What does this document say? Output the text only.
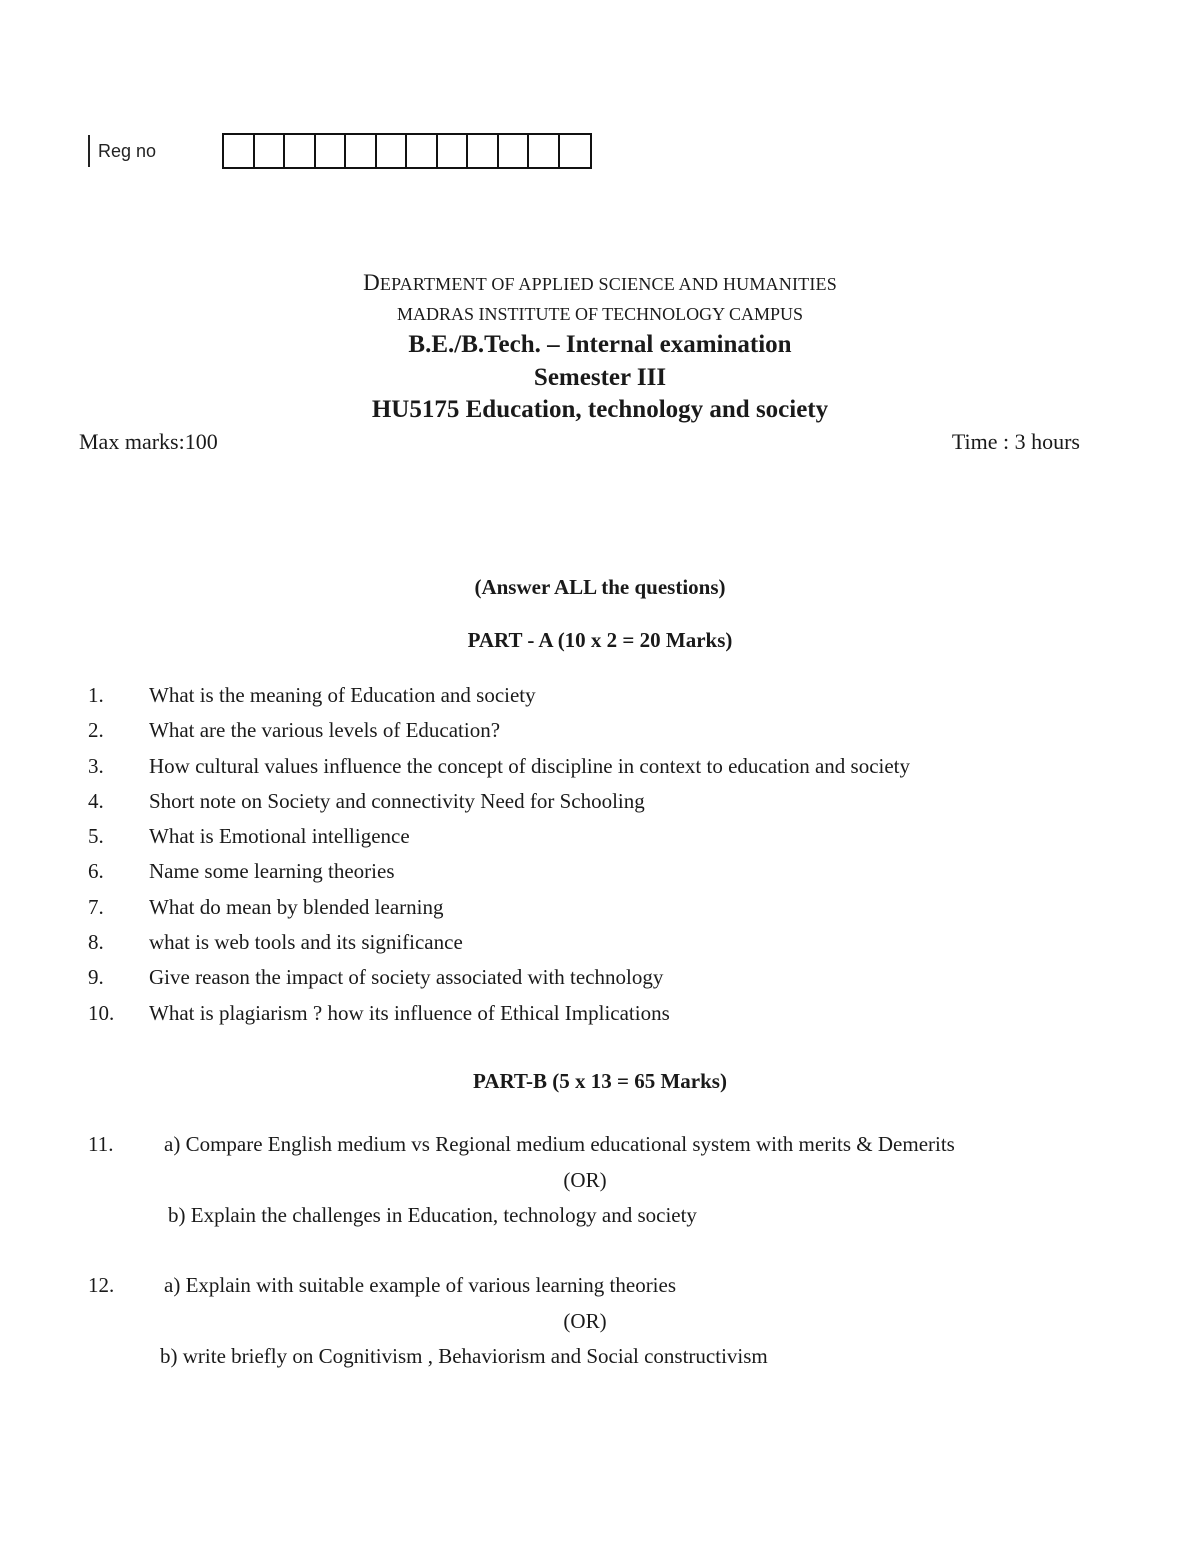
Reg no
DEPARTMENT OF APPLIED SCIENCE AND HUMANITIES
MADRAS INSTITUTE OF TECHNOLOGY CAMPUS
B.E./B.Tech. – Internal examination
Semester III
HU5175 Education, technology and society
Max marks:100	Time : 3 hours
(Answer ALL the questions)
PART - A (10 x 2 = 20 Marks)
1. What is the meaning of Education and society
2. What are the various levels of Education?
3. How cultural values influence the concept of discipline in context to education and society
4. Short note on Society and connectivity Need for Schooling
5. What is Emotional intelligence
6. Name some learning theories
7. What do mean by blended learning
8. what is web tools and its significance
9. Give reason the impact of society associated with technology
10. What is plagiarism ? how its influence of Ethical Implications
PART-B (5 x 13 = 65 Marks)
11. a) Compare English medium vs Regional medium educational system with merits & Demerits
(OR)
b) Explain the challenges in Education, technology and society
12. a) Explain with suitable example of various learning theories
(OR)
b) write briefly on Cognitivism , Behaviorism and Social constructivism
